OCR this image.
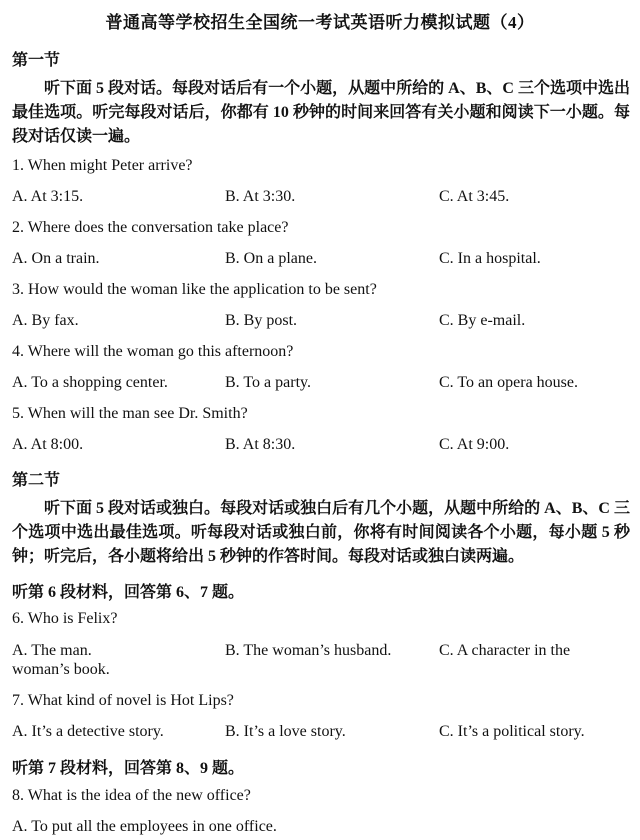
普通高等学校招生全国统一考试英语听力模拟试题（4）
第一节
听下面 5 段对话。每段对话后有一个小题，从题中所给的 A、B、C 三个选项中选出最佳选项。听完每段对话后，你都有 10 秒钟的时间来回答有关小题和阅读下一小题。每段对话仅读一遍。
1. When might Peter arrive?
A. At 3:15.	B. At 3:30.	C. At 3:45.
2. Where does the conversation take place?
A. On a train.	B. On a plane.	C. In a hospital.
3. How would the woman like the application to be sent?
A. By fax.	B. By post.	C. By e-mail.
4. Where will the woman go this afternoon?
A. To a shopping center.	B. To a party.	C. To an opera house.
5. When will the man see Dr. Smith?
A. At 8:00.	B. At 8:30.	C. At 9:00.
第二节
听下面 5 段对话或独白。每段对话或独白后有几个小题，从题中所给的 A、B、C 三个选项中选出最佳选项。听每段对话或独白前，你将有时间阅读各个小题，每小题 5 秒钟；听完后，各小题将给出 5 秒钟的作答时间。每段对话或独白读两遍。
听第 6 段材料，回答第 6、7 题。
6. Who is Felix?
A. The man.	B. The woman’s husband.	C. A character in the
woman’s book.
7. What kind of novel is Hot Lips?
A. It’s a detective story.	B. It’s a love story.	C. It’s a political story.
听第 7 段材料，回答第 8、9 题。
8. What is the idea of the new office?
A. To put all the employees in one office.
